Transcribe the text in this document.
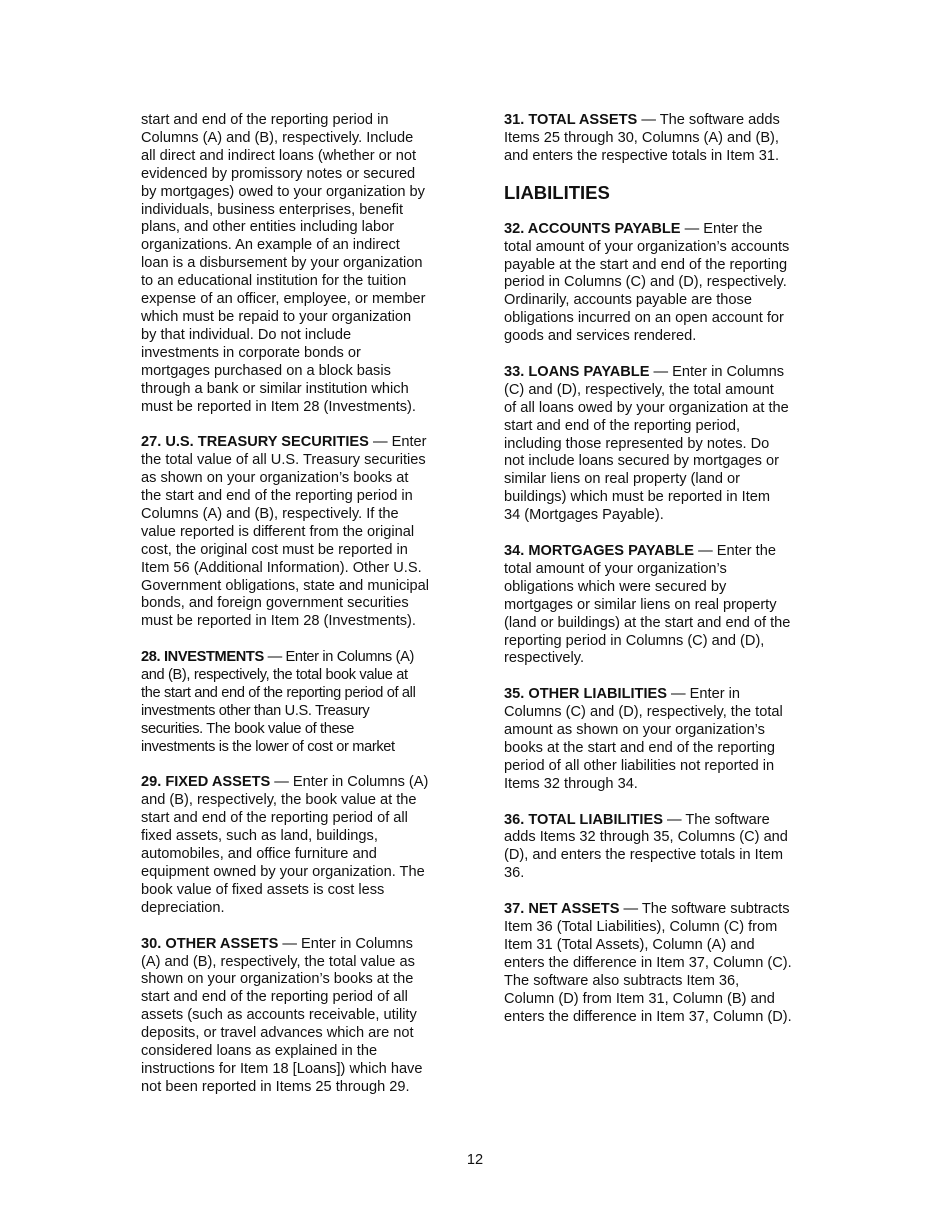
start and end of the reporting period in
Columns (A) and (B), respectively. Include
all direct and indirect loans (whether or not
evidenced by promissory notes or secured
by mortgages) owed to your organization by
individuals, business enterprises, benefit
plans, and other entities including labor
organizations. An example of an indirect
loan is a disbursement by your organization
to an educational institution for the tuition
expense of an officer, employee, or member
which must be repaid to your organization
by that individual. Do not include
investments in corporate bonds or
mortgages purchased on a block basis
through a bank or similar institution which
must be reported in Item 28 (Investments).
27. U.S. TREASURY SECURITIES — Enter
the total value of all U.S. Treasury securities
as shown on your organization’s books at
the start and end of the reporting period in
Columns (A) and (B), respectively. If the
value reported is different from the original
cost, the original cost must be reported in
Item 56 (Additional Information). Other U.S.
Government obligations, state and municipal
bonds, and foreign government securities
must be reported in Item 28 (Investments).
28. INVESTMENTS — Enter in Columns (A)
and (B), respectively, the total book value at
the start and end of the reporting period of all
investments other than U.S. Treasury
securities. The book value of these
investments is the lower of cost or market
29. FIXED ASSETS — Enter in Columns (A)
and (B), respectively, the book value at the
start and end of the reporting period of all
fixed assets, such as land, buildings,
automobiles, and office furniture and
equipment owned by your organization. The
book value of fixed assets is cost less
depreciation.
30. OTHER ASSETS — Enter in Columns
(A) and (B), respectively, the total value as
shown on your organization’s books at the
start and end of the reporting period of all
assets (such as accounts receivable, utility
deposits, or travel advances which are not
considered loans as explained in the
instructions for Item 18 [Loans]) which have
not been reported in Items 25 through 29.
31. TOTAL ASSETS — The software adds
Items 25 through 30, Columns (A) and (B),
and enters the respective totals in Item 31.
LIABILITIES
32. ACCOUNTS PAYABLE — Enter the
total amount of your organization’s accounts
payable at the start and end of the reporting
period in Columns (C) and (D), respectively.
Ordinarily, accounts payable are those
obligations incurred on an open account for
goods and services rendered.
33. LOANS PAYABLE — Enter in Columns
(C) and (D), respectively, the total amount
of all loans owed by your organization at the
start and end of the reporting period,
including those represented by notes. Do
not include loans secured by mortgages or
similar liens on real property (land or
buildings) which must be reported in Item
34 (Mortgages Payable).
34. MORTGAGES PAYABLE — Enter the
total amount of your organization’s
obligations which were secured by
mortgages or similar liens on real property
(land or buildings) at the start and end of the
reporting period in Columns (C) and (D),
respectively.
35. OTHER LIABILITIES — Enter in
Columns (C) and (D), respectively, the total
amount as shown on your organization’s
books at the start and end of the reporting
period of all other liabilities not reported in
Items 32 through 34.
36. TOTAL LIABILITIES — The software
adds Items 32 through 35, Columns (C) and
(D), and enters the respective totals in Item
36.
37. NET ASSETS — The software subtracts
Item 36 (Total Liabilities), Column (C) from
Item 31 (Total Assets), Column (A) and
enters the difference in Item 37, Column (C).
The software also subtracts Item 36,
Column (D) from Item 31, Column (B) and
enters the difference in Item 37, Column (D).
12
